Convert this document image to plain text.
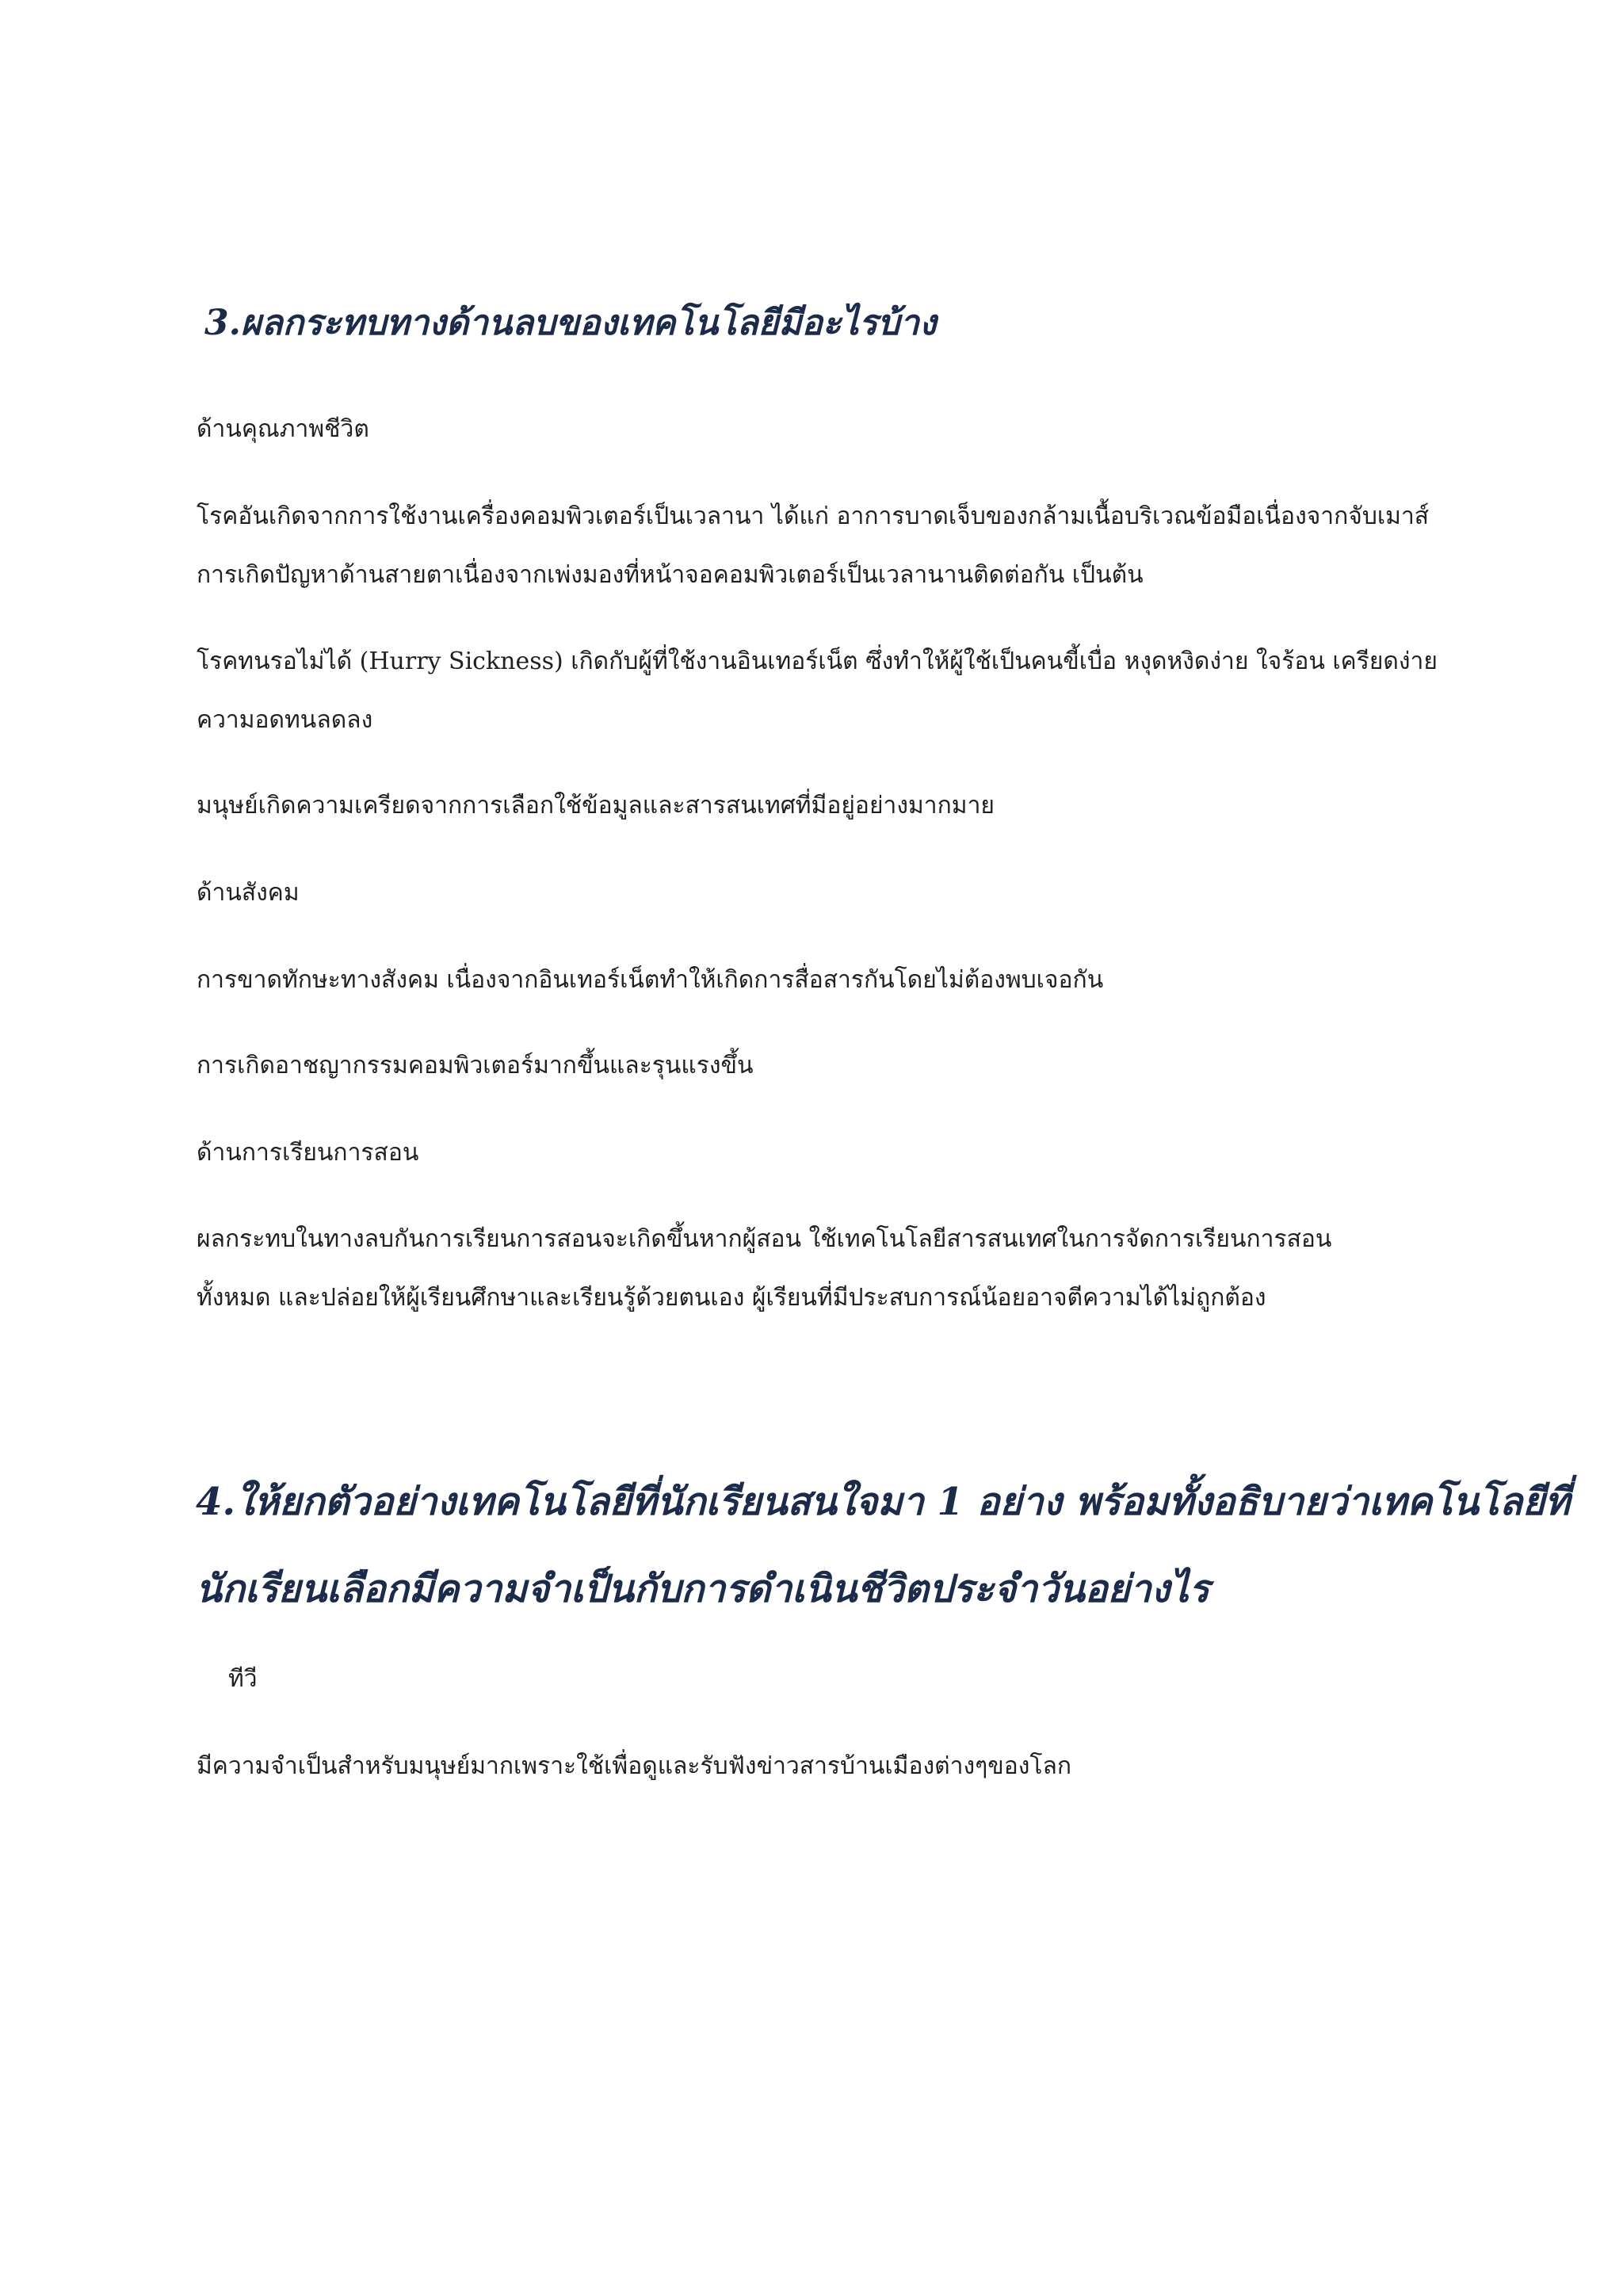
3.ผลกระทบทางด้านลบของเทคโนโลยีมีอะไรบ้าง

ด้านคุณภาพชีวิต

โรคอันเกิดจากการใช้งานเครื่องคอมพิวเตอร์เป็นเวลานา ได้แก่ อาการบาดเจ็บของกล้ามเนื้อบริเวณข้อมือเนื่องจากจับเมาส์
การเกิดปัญหาด้านสายตาเนื่องจากเพ่งมองที่หน้าจอคอมพิวเตอร์เป็นเวลานานติดต่อกัน เป็นต้น

โรคทนรอไม่ได้ (Hurry Sickness) เกิดกับผู้ที่ใช้งานอินเทอร์เน็ต ซึ่งทำให้ผู้ใช้เป็นคนขี้เบื่อ หงุดหงิดง่าย ใจร้อน เครียดง่าย
ความอดทนลดลง

มนุษย์เกิดความเครียดจากการเลือกใช้ข้อมูลและสารสนเทศที่มีอยู่อย่างมากมาย

ด้านสังคม

การขาดทักษะทางสังคม เนื่องจากอินเทอร์เน็ตทำให้เกิดการสื่อสารกันโดยไม่ต้องพบเจอกัน

การเกิดอาชญากรรมคอมพิวเตอร์มากขึ้นและรุนแรงขึ้น

ด้านการเรียนการสอน

ผลกระทบในทางลบกันการเรียนการสอนจะเกิดขึ้นหากผู้สอน ใช้เทคโนโลยีสารสนเทศในการจัดการเรียนการสอน
ทั้งหมด และปล่อยให้ผู้เรียนศึกษาและเรียนรู้ด้วยตนเอง ผู้เรียนที่มีประสบการณ์น้อยอาจตีความได้ไม่ถูกต้อง

4.ให้ยกตัวอย่างเทคโนโลยีที่นักเรียนสนใจมา 1 อย่าง พร้อมทั้งอธิบายว่าเทคโนโลยีที่
นักเรียนเลือกมีความจำเป็นกับการดำเนินชีวิตประจำวันอย่างไร

ทีวี

มีความจำเป็นสำหรับมนุษย์มากเพราะใช้เพื่อดูและรับฟังข่าวสารบ้านเมืองต่างๆของโลก
